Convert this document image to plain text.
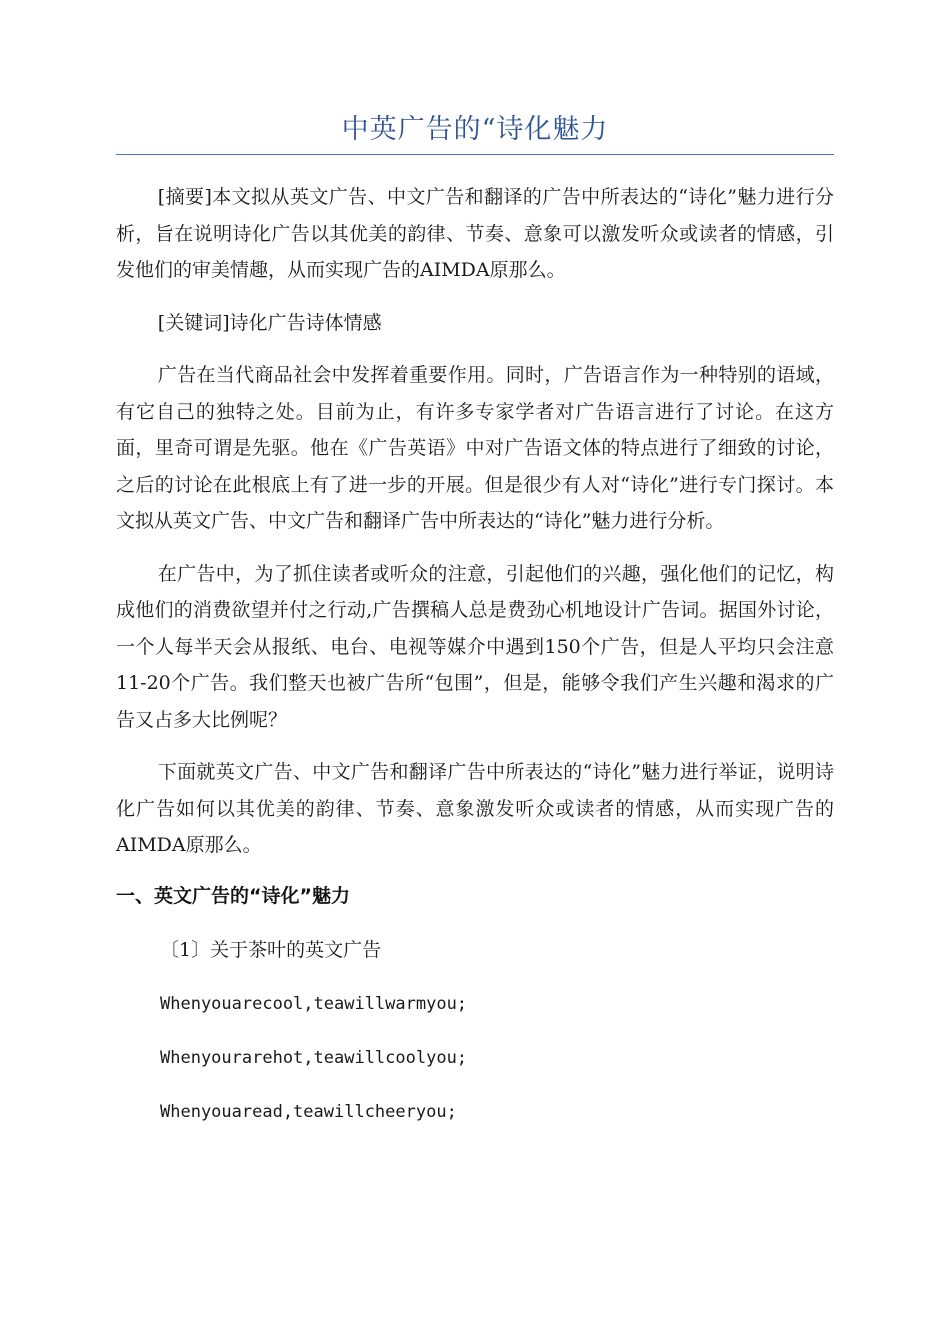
中英广告的“诗化魅力

[摘要]本文拟从英文广告、中文广告和翻译的广告中所表达的“诗化”魅力进行分析，旨在说明诗化广告以其优美的韵律、节奏、意象可以激发听众或读者的情感，引发他们的审美情趣，从而实现广告的AIMDA原那么。

[关键词]诗化广告诗体情感

广告在当代商品社会中发挥着重要作用。同时，广告语言作为一种特别的语域，有它自己的独特之处。目前为止，有许多专家学者对广告语言进行了讨论。在这方面，里奇可谓是先驱。他在《广告英语》中对广告语文体的特点进行了细致的讨论，之后的讨论在此根底上有了进一步的开展。但是很少有人对“诗化”进行专门探讨。本文拟从英文广告、中文广告和翻译广告中所表达的“诗化”魅力进行分析。

在广告中，为了抓住读者或听众的注意，引起他们的兴趣，强化他们的记忆，构成他们的消费欲望并付之行动,广告撰稿人总是费劲心机地设计广告词。据国外讨论，一个人每半天会从报纸、电台、电视等媒介中遇到150个广告，但是人平均只会注意11-20个广告。我们整天也被广告所“包围”，但是，能够令我们产生兴趣和渴求的广告又占多大比例呢？

下面就英文广告、中文广告和翻译广告中所表达的“诗化”魅力进行举证，说明诗化广告如何以其优美的韵律、节奏、意象激发听众或读者的情感，从而实现广告的AIMDA原那么。

一、英文广告的“诗化”魅力

〔1〕关于茶叶的英文广告

Whenyouarecool,teawillwarmyou;

Whenyourarehot,teawillcoolyou;

Whenyouaread,teawillcheeryou;
